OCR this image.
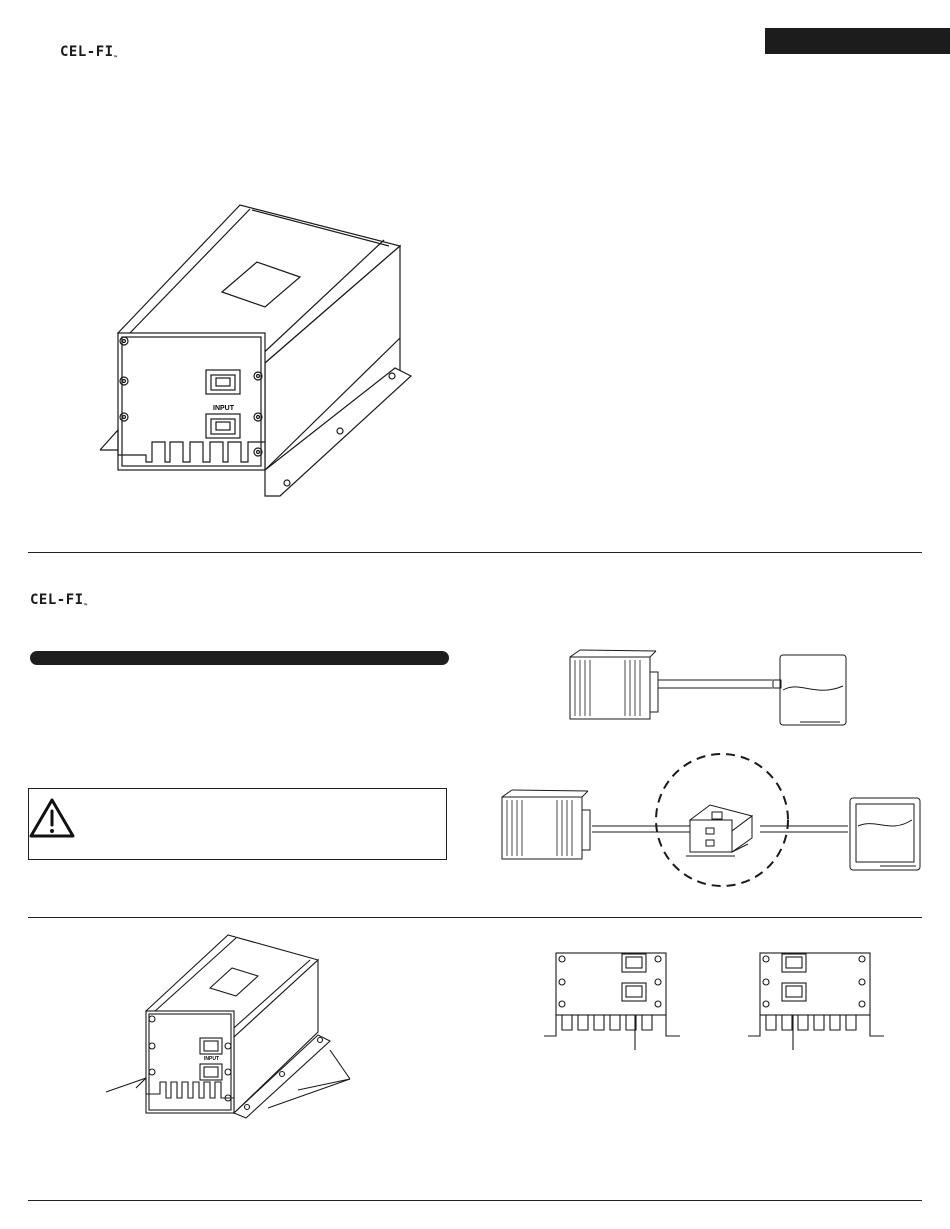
CEL-$FI_™$
INPUT
CEL-$FI_™$
INPUT
